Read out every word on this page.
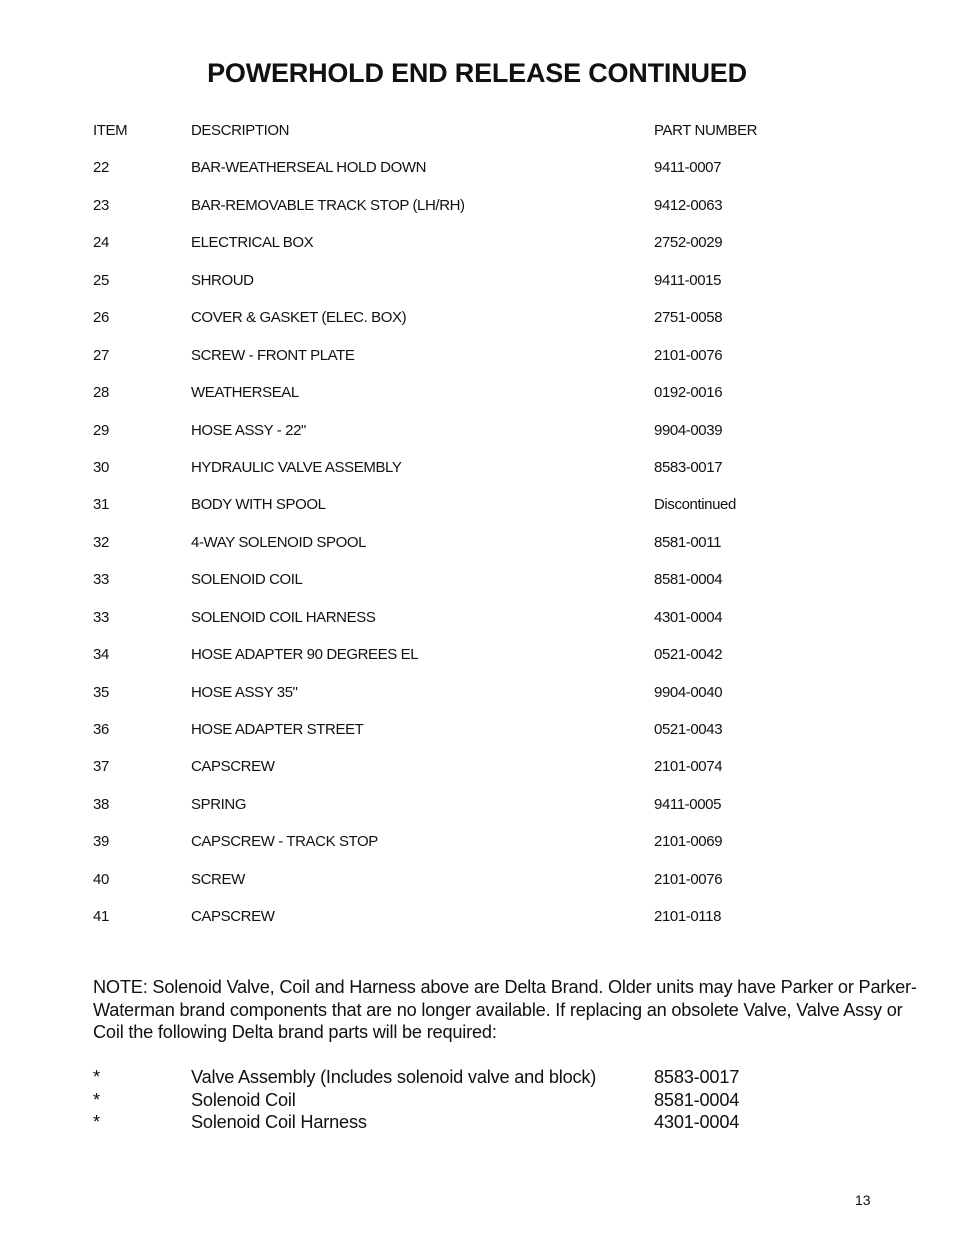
POWERHOLD END RELEASE CONTINUED
ITEM	DESCRIPTION	PART NUMBER
22	BAR-WEATHERSEAL HOLD DOWN	9411-0007
23	BAR-REMOVABLE TRACK STOP (LH/RH)	9412-0063
24	ELECTRICAL BOX	2752-0029
25	SHROUD	9411-0015
26	COVER & GASKET (ELEC. BOX)	2751-0058
27	SCREW - FRONT PLATE	2101-0076
28	WEATHERSEAL	0192-0016
29	HOSE ASSY - 22"	9904-0039
30	HYDRAULIC VALVE ASSEMBLY	8583-0017
31	BODY WITH SPOOL	Discontinued
32	4-WAY SOLENOID SPOOL	8581-0011
33	SOLENOID COIL	8581-0004
33	SOLENOID COIL HARNESS	4301-0004
34	HOSE ADAPTER 90 DEGREES EL	0521-0042
35	HOSE ASSY 35"	9904-0040
36	HOSE ADAPTER STREET	0521-0043
37	CAPSCREW	2101-0074
38	SPRING	9411-0005
39	CAPSCREW - TRACK STOP	2101-0069
40	SCREW	2101-0076
41	CAPSCREW	2101-0118
NOTE: Solenoid Valve, Coil and Harness above are Delta Brand. Older units may have Parker or Parker-Waterman brand components that are no longer available. If replacing an obsolete Valve, Valve Assy or Coil the following Delta brand parts will be required:
*	Valve Assembly (Includes solenoid valve and block)	8583-0017
*	Solenoid Coil	8581-0004
*	Solenoid Coil Harness	4301-0004
13
